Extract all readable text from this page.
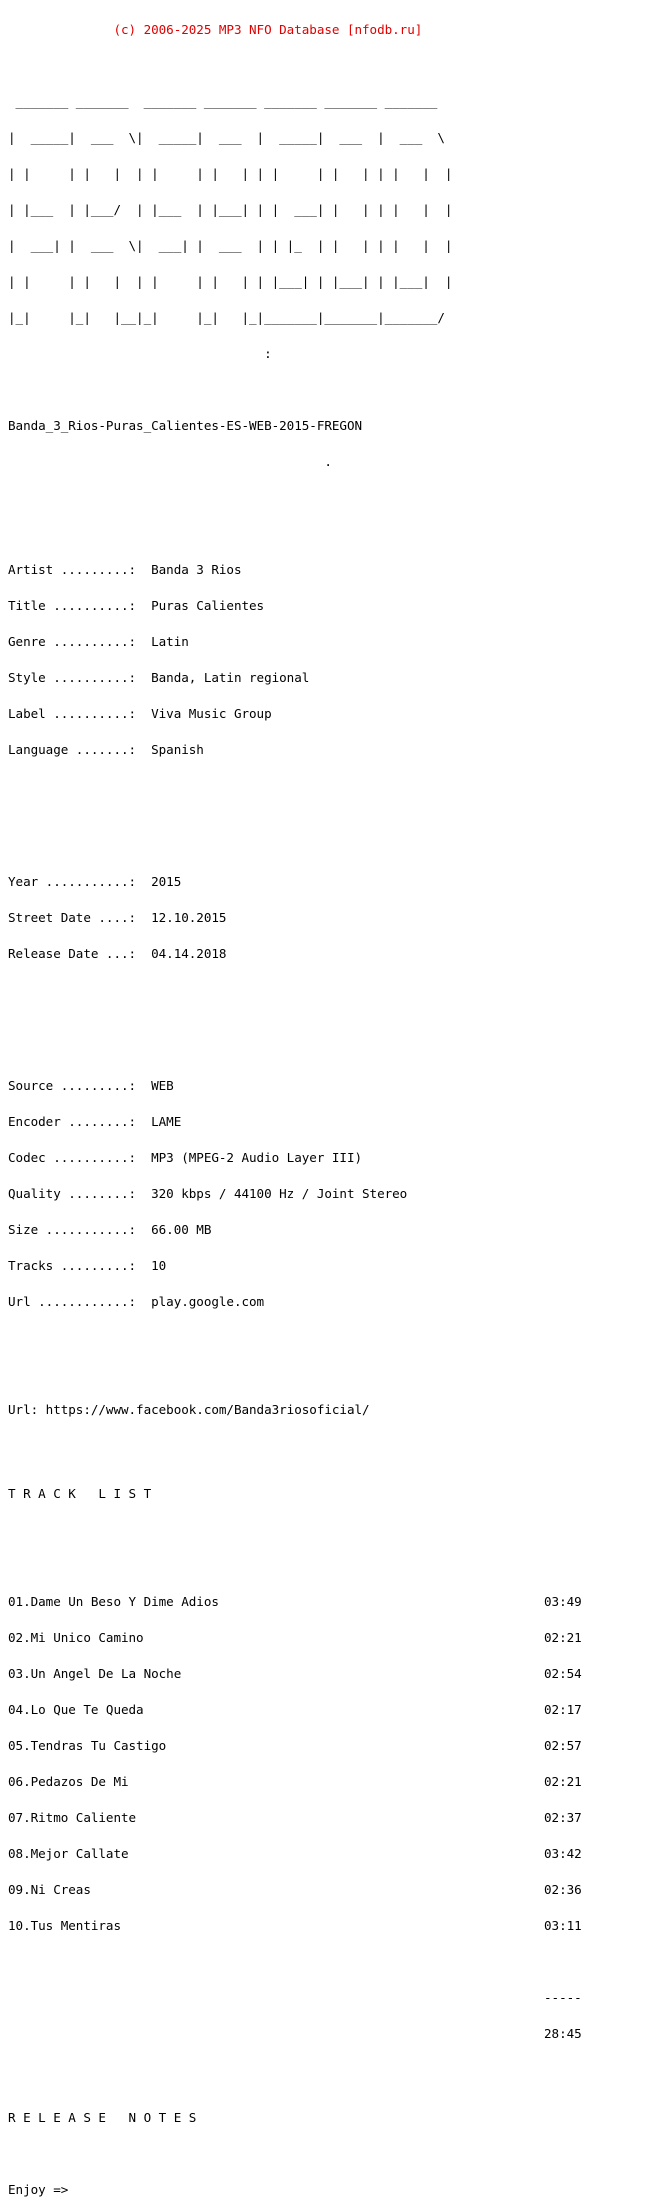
(c) 2006-2025 MP3 NFO Database [nfodb.ru]

_______ _______  _______ _______ _______ _______ _______

|  _____|  ___  \|  _____|  ___  |  _____|  ___  |  ___  \

| |     | |   |  | |     | |   | | |     | |   | | |   |  |

| |___  | |___/  | |___  | |___| | |  ___| |   | | |   |  |

|  ___| |  ___  \|  ___| |  ___  | | |_  | |   | | |   |  |

| |     | |   |  | |     | |   | | |___| | |___| | |___|  |

|_|     |_|   |__|_|     |_|   |_|_______|_______|_______/

:

Banda_3_Rios-Puras_Calientes-ES-WEB-2015-FREGON

.

Artist .........:  Banda 3 Rios

Title ..........:  Puras Calientes

Genre ..........:  Latin

Style ..........:  Banda, Latin regional

Label ..........:  Viva Music Group

Language .......:  Spanish

Year ...........:  2015

Street Date ....:  12.10.2015

Release Date ...:  04.14.2018

Source .........:  WEB

Encoder ........:  LAME

Codec ..........:  MP3 (MPEG-2 Audio Layer III)

Quality ........:  320 kbps / 44100 Hz / Joint Stereo

Size ...........:  66.00 MB

Tracks .........:  10

Url ............:  play.google.com

Url: https://www.facebook.com/Banda3riosoficial/

T R A C K   L I S T

01.Dame Un Beso Y Dime Adios	03:49

02.Mi Unico Camino	02:21

03.Un Angel De La Noche	02:54

04.Lo Que Te Queda	02:17

05.Tendras Tu Castigo	02:57

06.Pedazos De Mi	02:21

07.Ritmo Caliente	02:37

08.Mejor Callate	03:42

09.Ni Creas	02:36

10.Tus Mentiras	03:11

-----

28:45

R E L E A S E   N O T E S

Enjoy =>
